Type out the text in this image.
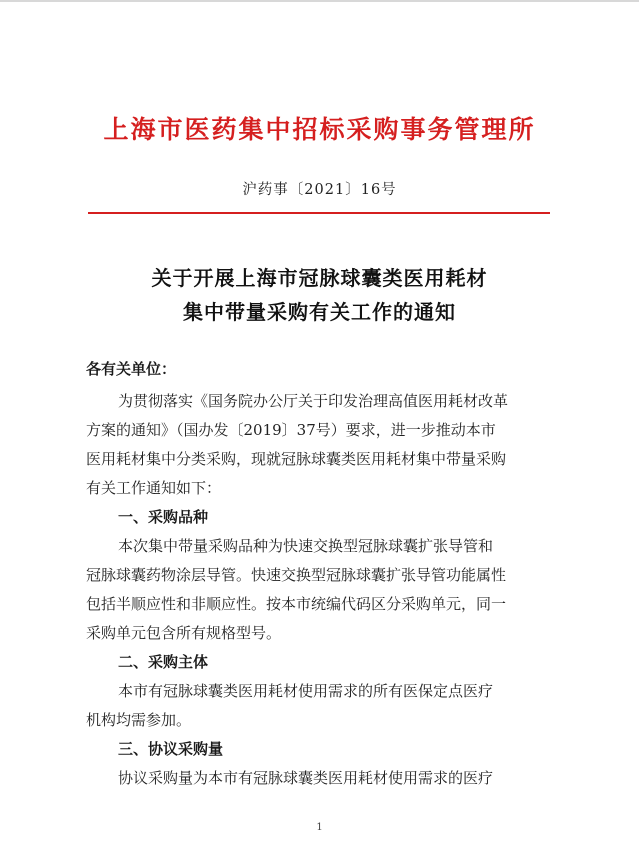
上海市医药集中招标采购事务管理所
沪药事〔2021〕16号
关于开展上海市冠脉球囊类医用耗材
集中带量采购有关工作的通知
各有关单位：
为贯彻落实《国务院办公厅关于印发治理高值医用耗材改革
方案的通知》（国办发〔2019〕37号）要求，进一步推动本市
医用耗材集中分类采购，现就冠脉球囊类医用耗材集中带量采购
有关工作通知如下：
一、采购品种
本次集中带量采购品种为快速交换型冠脉球囊扩张导管和
冠脉球囊药物涂层导管。快速交换型冠脉球囊扩张导管功能属性
包括半顺应性和非顺应性。按本市统编代码区分采购单元，同一
采购单元包含所有规格型号。
二、采购主体
本市有冠脉球囊类医用耗材使用需求的所有医保定点医疗
机构均需参加。
三、协议采购量
协议采购量为本市有冠脉球囊类医用耗材使用需求的医疗
1
